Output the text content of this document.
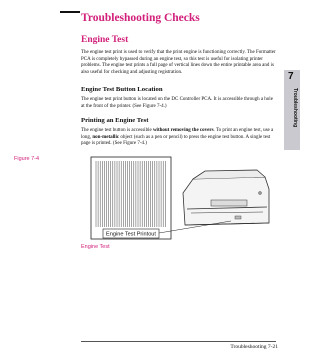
Troubleshooting Checks
Engine Test

The engine test print is used to verify that the print engine is functioning correctly. The Formatter PCA is completely bypassed during an engine test, so this test is useful for isolating printer problems. The engine test prints a full page of vertical lines down the entire printable area and is also useful for checking and adjusting registration.

Engine Test Button Location

The engine test print button is located on the DC Controller PCA. It is accessible through a hole at the front of the printer. (See Figure 7-4.)

Printing an Engine Test

The engine test button is accessible without removing the covers. To print an engine test, use a long, non-metallic object (such as a pen or pencil) to press the engine test button. A single test page is printed. (See Figure 7-4.)

7
Troubleshooting

Figure 7-4

Engine Test Printout

Engine Test

Troubleshooting 7-21
